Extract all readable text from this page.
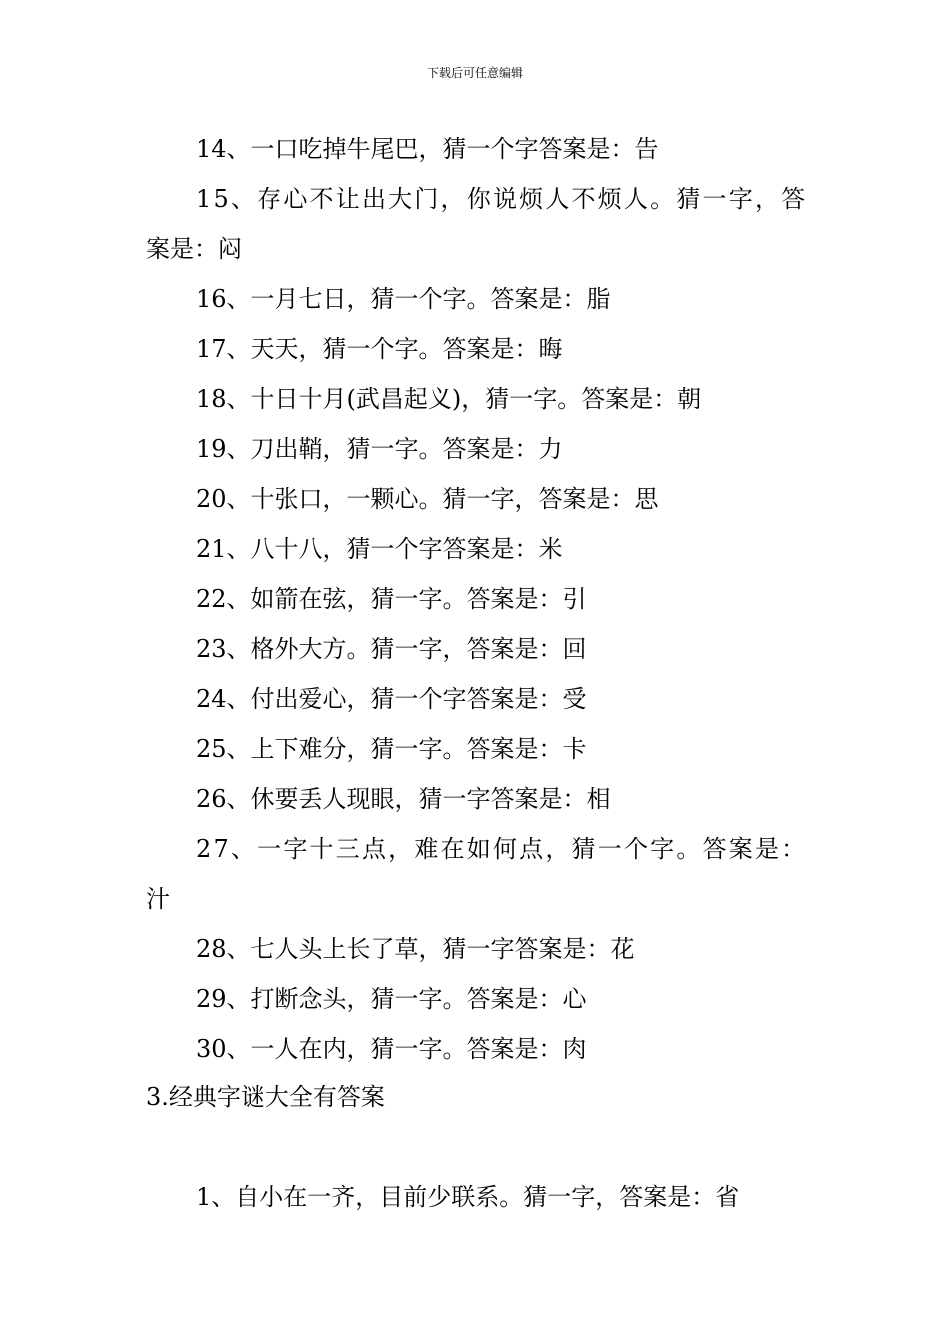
下载后可任意编辑
14、一口吃掉牛尾巴，猜一个字答案是：告
15、存心不让出大门，你说烦人不烦人。猜一字，答
案是：闷
16、一月七日，猜一个字。答案是：脂
17、天天，猜一个字。答案是：晦
18、十日十月(武昌起义)，猜一字。答案是：朝
19、刀出鞘，猜一字。答案是：力
20、十张口，一颗心。猜一字，答案是：思
21、八十八，猜一个字答案是：米
22、如箭在弦，猜一字。答案是：引
23、格外大方。猜一字，答案是：回
24、付出爱心，猜一个字答案是：受
25、上下难分，猜一字。答案是：卡
26、休要丢人现眼，猜一字答案是：相
27、一字十三点，难在如何点，猜一个字。答案是：
汁
28、七人头上长了草，猜一字答案是：花
29、打断念头，猜一字。答案是：心
30、一人在内，猜一字。答案是：肉
3.经典字谜大全有答案
1、自小在一齐，目前少联系。猜一字，答案是：省
